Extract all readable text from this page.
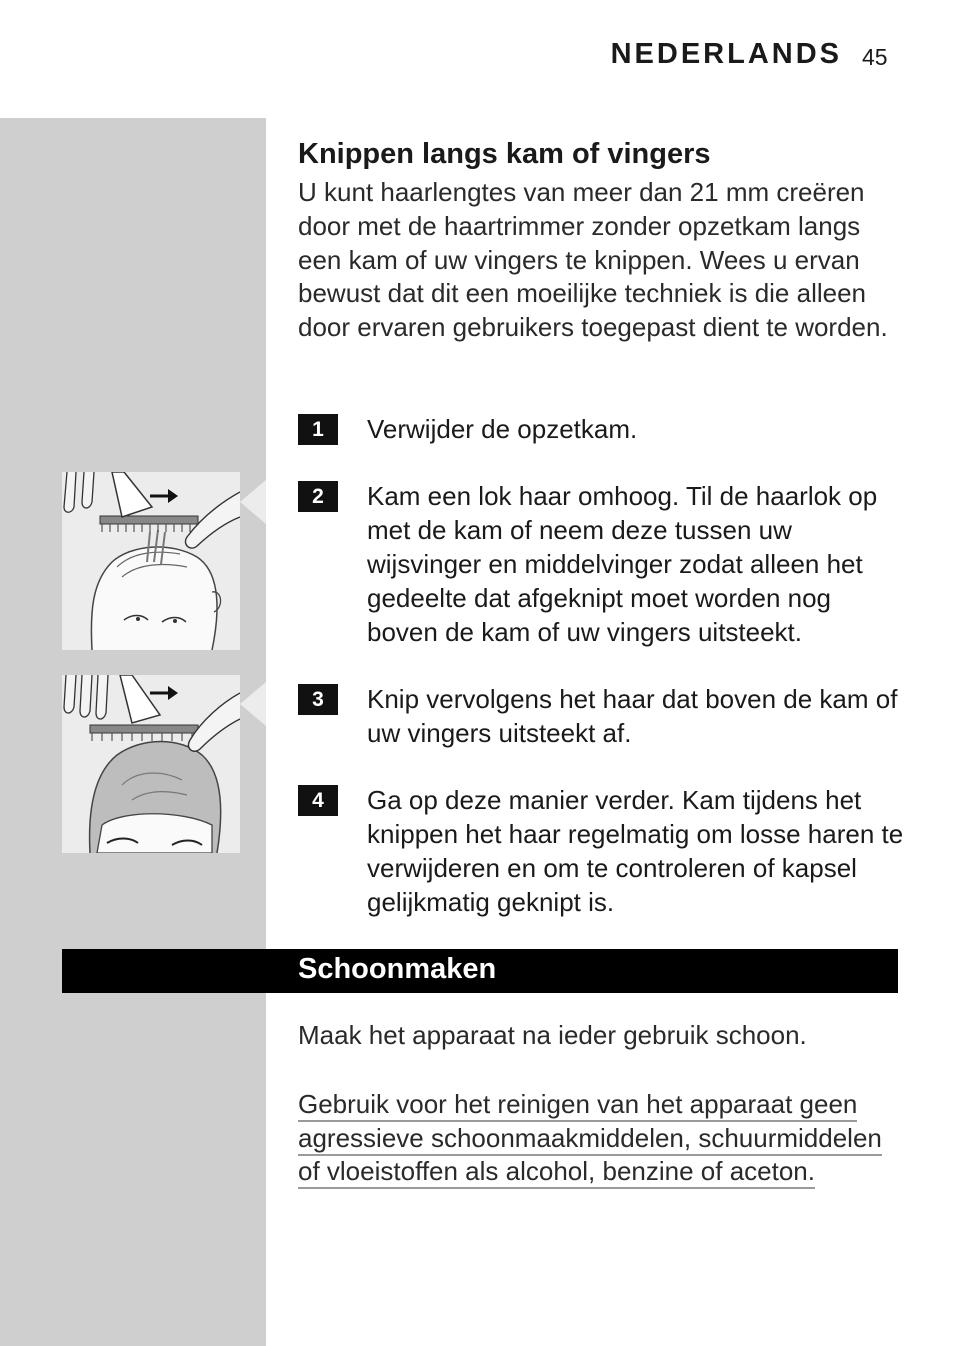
NEDERLANDS 45
Knippen langs kam of vingers

U kunt haarlengtes van meer dan 21 mm creëren door met de haartrimmer zonder opzetkam langs een kam of uw vingers te knippen. Wees u ervan bewust dat dit een moeilijke techniek is die alleen door ervaren gebruikers toegepast dient te worden.

1	Verwijder de opzetkam.

2	Kam een lok haar omhoog. Til de haarlok op met de kam of neem deze tussen uw wijsvinger en middelvinger zodat alleen het gedeelte dat afgeknipt moet worden nog boven de kam of uw vingers uitsteekt.

3	Knip vervolgens het haar dat boven de kam of uw vingers uitsteekt af.

4	Ga op deze manier verder. Kam tijdens het knippen het haar regelmatig om losse haren te verwijderen en om te controleren of kapsel gelijkmatig geknipt is.

Schoonmaken

Maak het apparaat na ieder gebruik schoon.

Gebruik voor het reinigen van het apparaat geen
agressieve schoonmaakmiddelen, schuurmiddelen
of vloeistoffen als alcohol, benzine of aceton.
